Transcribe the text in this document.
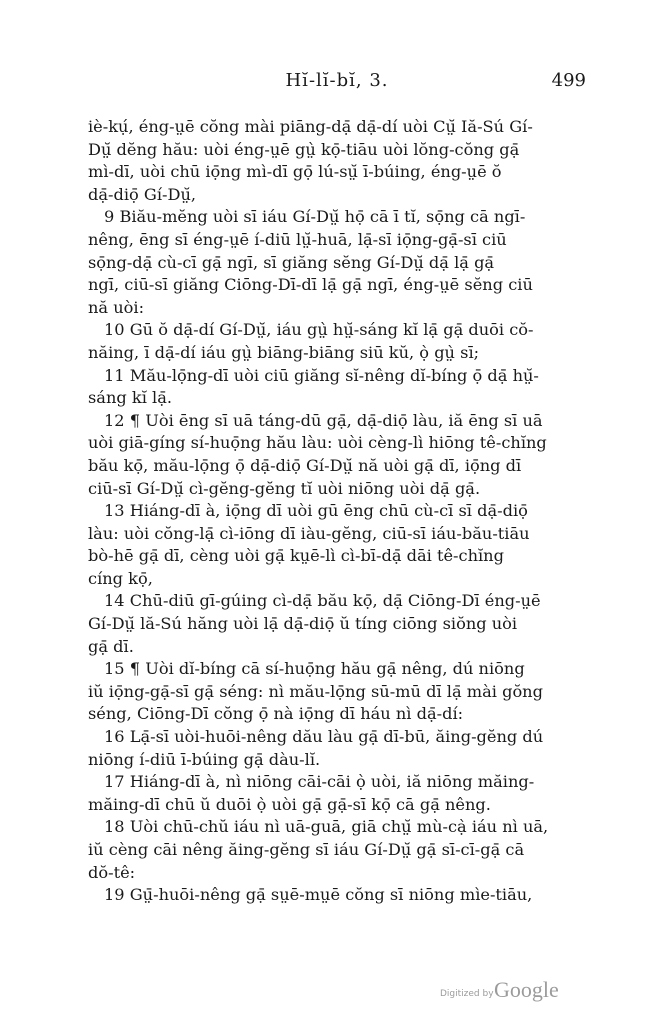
Hĭ-lĭ-bĭ, 3.	499
iè-kụ́, éng-ṳē cŏng mài piāng-dạ̄ dạ̄-dí uòi Cṳ̆ Iă-Sú Gí-
Dṳ̆ dĕng hău: uòi éng-ṳē gṳ̀ kọ̄-tiāu uòi lŏng-cŏng gạ̄
mì-dī, uòi chū iọ̄ng mì-dī gọ̄ lú-sṳ̆ ī-búing, éng-ṳē ŏ
dạ̄-diọ̄ Gí-Dṳ̆,
9 Biău-mĕng uòi sī iáu Gí-Dṳ̆ họ̄ cā ī tĭ, sọ̄ng cā ngī-
nêng, ēng sī éng-ṳē í-diū lṳ̆-huā, lạ̄-sī iọ̄ng-gạ̄-sī ciū
sọ̄ng-dạ̄ cù-cī gạ̄ ngī, sī giăng sĕng Gí-Dṳ̆ dạ̄ lạ̄ gạ̄
ngī, ciū-sī giăng Ciōng-Dī-dī lạ̄ gạ̄ ngī, éng-ṳē sĕng ciū
nă uòi:
10 Gū ŏ dạ̄-dí Gí-Dṳ̆, iáu gṳ̀ hṳ̆-sáng kĭ lạ̄ gạ̄ duōi cŏ-
năing, ī dạ̄-dí iáu gṳ̀ biāng-biāng siū kŭ, ọ̀ gṳ̀ sī;
11 Mău-lọ̄ng-dī uòi ciū giăng sĭ-nêng dĭ-bíng ọ̄ dạ̄ hṳ̆-
sáng kĭ lạ̄.
12 ¶ Uòi ēng sī uā táng-dū gạ̄, dạ̄-diọ̄ làu, iă ēng sī uā
uòi giā-gíng sí-huọ̄ng hău làu: uòi cèng-lì hiōng tê-chĭng
bău kọ̄, mău-lọ̄ng ọ̄ dạ̄-diọ̄ Gí-Dṳ̆ nă uòi gạ̄ dī, iọ̄ng dī
ciū-sī Gí-Dṳ̆ cì-gĕng-gĕng tĭ uòi niōng uòi dạ̄ gạ̄.
13 Hiáng-dī à, iọ̄ng dī uòi gū ēng chū cù-cī sī dạ̄-diọ̄
làu: uòi cŏng-lạ̄ cì-iōng dī iàu-gĕng, ciū-sī iáu-bău-tiāu
bò-hē gạ̄ dī, cèng uòi gạ̄ kṳē-lì cì-bī-dạ̄ dāi tê-chĭng
cíng kọ̄,
14 Chū-diū gī-gúing cì-dạ̄ bău kọ̄, dạ̄ Ciōng-Dī éng-ṳē
Gí-Dṳ̆ lă-Sú hăng uòi lạ̄ dạ̄-diọ̄ ŭ tíng ciōng siŏng uòi
gạ̄ dī.
15 ¶ Uòi dĭ-bíng cā sí-huọ̄ng hău gạ̄ nêng, dú niōng
iŭ iọ̄ng-gạ̄-sī gạ̄ séng: nì mău-lọ̄ng sū-mū dī lạ̄ mài gŏng
séng, Ciōng-Dī cŏng ọ̄ nà iọ̄ng dī háu nì dạ̄-dí:
16 Lạ̄-sī uòi-huōi-nêng dău làu gạ̄ dī-bū, ăing-gĕng dú
niōng í-diū ī-búing gạ̄ dàu-lĭ.
17 Hiáng-dī à, nì niōng cāi-cāi ọ̀ uòi, iă niōng măing-
măing-dī chū ŭ duōi ọ̀ uòi gạ̄ gạ̄-sī kọ̄ cā gạ̄ nêng.
18 Uòi chū-chŭ iáu nì uā-guā, giā chṳ̆ mù-cạ̀ iáu nì uā,
iŭ cèng cāi nêng ăing-gĕng sī iáu Gí-Dṳ̆ gạ̄ sī-cī-gạ̄ cā
dŏ-tê:
19 Gṳ̄-huōi-nêng gạ̄ sṳē-mṳē cŏng sī niōng mìe-tiāu,
Digitized by Google
